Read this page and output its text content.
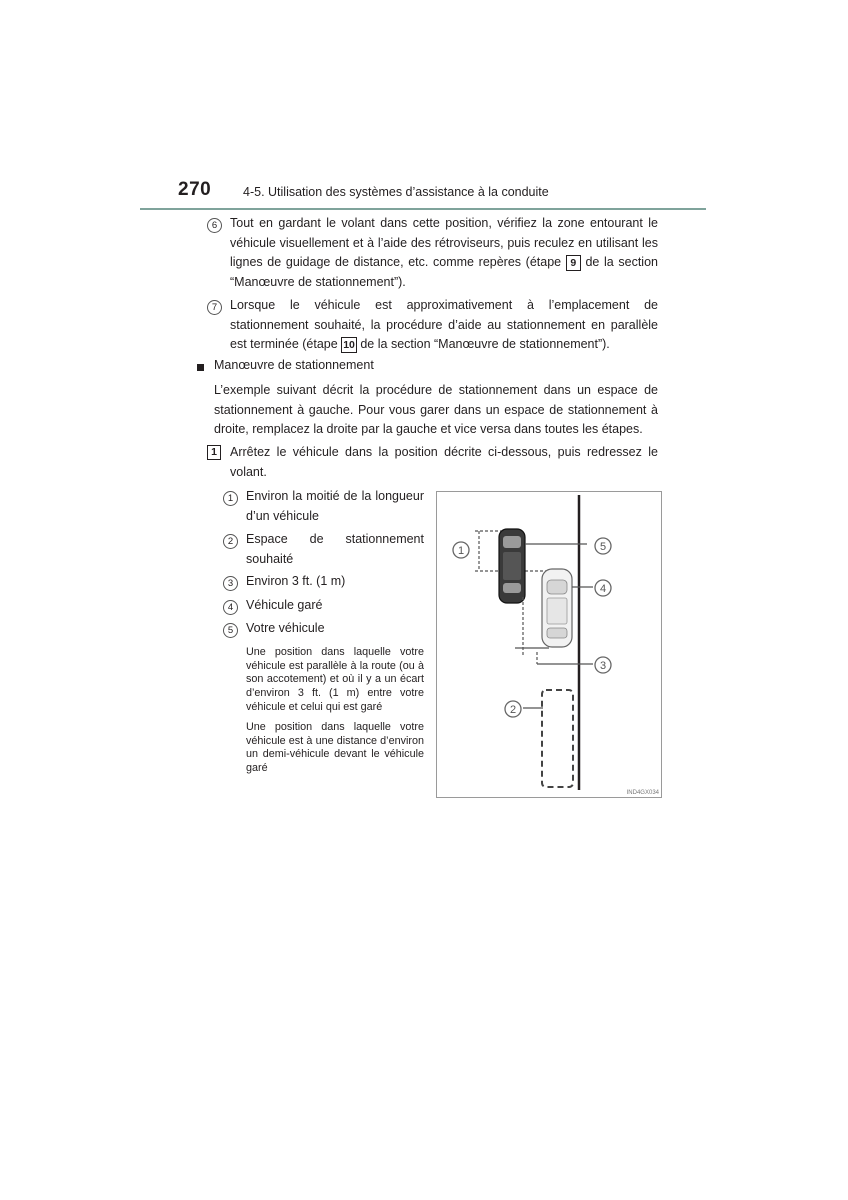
270	4-5. Utilisation des systèmes d’assistance à la conduite
6	Tout en gardant le volant dans cette position, vérifiez la zone entourant le véhicule visuellement et à l’aide des rétroviseurs, puis reculez en utilisant les lignes de guidage de distance, etc. comme repères (étape 9 de la section “Manœuvre de stationnement”).
7	Lorsque le véhicule est approximativement à l’emplacement de stationnement souhaité, la procédure d’aide au stationnement en parallèle est terminée (étape 10 de la section “Manœuvre de stationnement”).
Manœuvre de stationnement
L’exemple suivant décrit la procédure de stationnement dans un espace de stationnement à gauche. Pour vous garer dans un espace de stationnement à droite, remplacez la droite par la gauche et vice versa dans toutes les étapes.
1	Arrêtez le véhicule dans la position décrite ci-dessous, puis redressez le volant.
1	Environ la moitié de la longueur d’un véhicule
2	Espace de stationnement souhaité
3	Environ 3 ft. (1 m)
4	Véhicule garé
5	Votre véhicule
Une position dans laquelle votre véhicule est parallèle à la route (ou à son accotement) et où il y a un écart d’environ 3 ft. (1 m) entre votre véhicule et celui qui est garé
Une position dans laquelle votre véhicule est à une distance d’environ un demi-véhicule devant le véhicule garé
1	5
4
3
2
IND4GX034
